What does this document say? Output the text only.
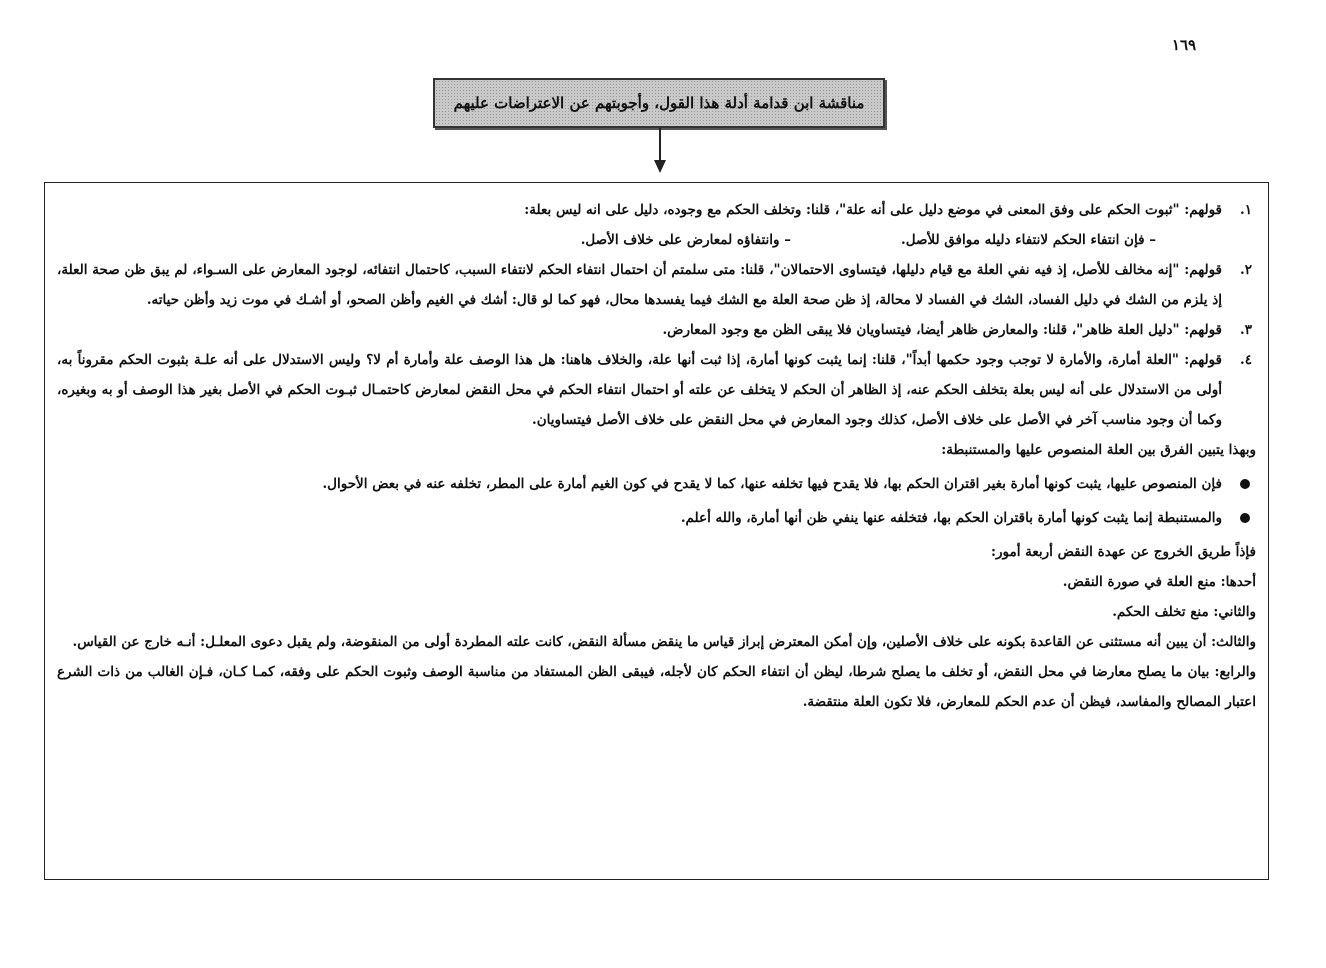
١٦٩
مناقشة ابن قدامة أدلة هذا القول، وأجوبتهم عن الاعتراضات عليهم
١.
قولهم: "ثبوت الحكم على وفق المعنى في موضع دليل على أنه علة"، قلنا: وتخلف الحكم مع وجوده، دليل على انه ليس بعلة:
– فإن انتفاء الحكم لانتفاء دليله موافق للأصل.
– وانتفاؤه لمعارض على خلاف الأصل.
٢.
قولهم: "إنه مخالف للأصل، إذ فيه نفي العلة مع قيام دليلها، فيتساوى الاحتمالان"، قلنا: متى سلمتم أن احتمال انتفاء الحكم لانتفاء السبب، كاحتمال انتفائه، لوجود المعارض على السـواء، لم يبق ظن صحة العلة، إذ يلزم من الشك في دليل الفساد، الشك في الفساد لا محالة، إذ ظن صحة العلة مع الشك فيما يفسدها محال، فهو كما لو قال: أشك في الغيم وأظن الصحو، أو أشـك في موت زيد وأظن حياته.
٣.
قولهم: "دليل العلة ظاهر"، قلنا: والمعارض ظاهر أيضا، فيتساويان فلا يبقى الظن مع وجود المعارض.
٤.
قولهم: "العلة أمارة، والأمارة لا توجب وجود حكمها أبداً"، قلنا: إنما يثبت كونها أمارة، إذا ثبت أنها علة، والخلاف هاهنا: هل هذا الوصف علة وأمارة أم لا؟ وليس الاستدلال على أنه علـة بثبوت الحكم مقروناً به، أولى من الاستدلال على أنه ليس بعلة بتخلف الحكم عنه، إذ الظاهر أن الحكم لا يتخلف عن علته أو احتمال انتفاء الحكم في محل النقض لمعارض كاحتمـال ثبـوت الحكم في الأصل بغير هذا الوصف أو به وبغيره، وكما أن وجود مناسب آخر في الأصل على خلاف الأصل، كذلك وجود المعارض في محل النقض على خلاف الأصل فيتساويان.
وبهذا يتبين الفرق بين العلة المنصوص عليها والمستنبطة:
فإن المنصوص عليها، يثبت كونها أمارة بغير اقتران الحكم بها، فلا يقدح فيها تخلفه عنها، كما لا يقدح في كون الغيم أمارة على المطر، تخلفه عنه في بعض الأحوال.
والمستنبطة إنما يثبت كونها أمارة باقتران الحكم بها، فتخلفه عنها ينفي ظن أنها أمارة، والله أعلم.
فإذاً طريق الخروج عن عهدة النقض أربعة أمور:
أحدها: منع العلة في صورة النقض.
والثاني: منع تخلف الحكم.
والثالث: أن يبين أنه مستثنى عن القاعدة بكونه على خلاف الأصلين، وإن أمكن المعترض إبراز قياس ما ينقض مسألة النقض، كانت علته المطردة أولى من المنقوضة، ولم يقبل دعوى المعلـل: أنـه خارج عن القياس.
والرابع: بيان ما يصلح معارضا في محل النقض، أو تخلف ما يصلح شرطا، ليظن أن انتفاء الحكم كان لأجله، فيبقى الظن المستفاد من مناسبة الوصف وثبوت الحكم على وفقه، كمـا كـان، فـإن الغالب من ذات الشرع اعتبار المصالح والمفاسد، فيظن أن عدم الحكم للمعارض، فلا تكون العلة منتقضة.
